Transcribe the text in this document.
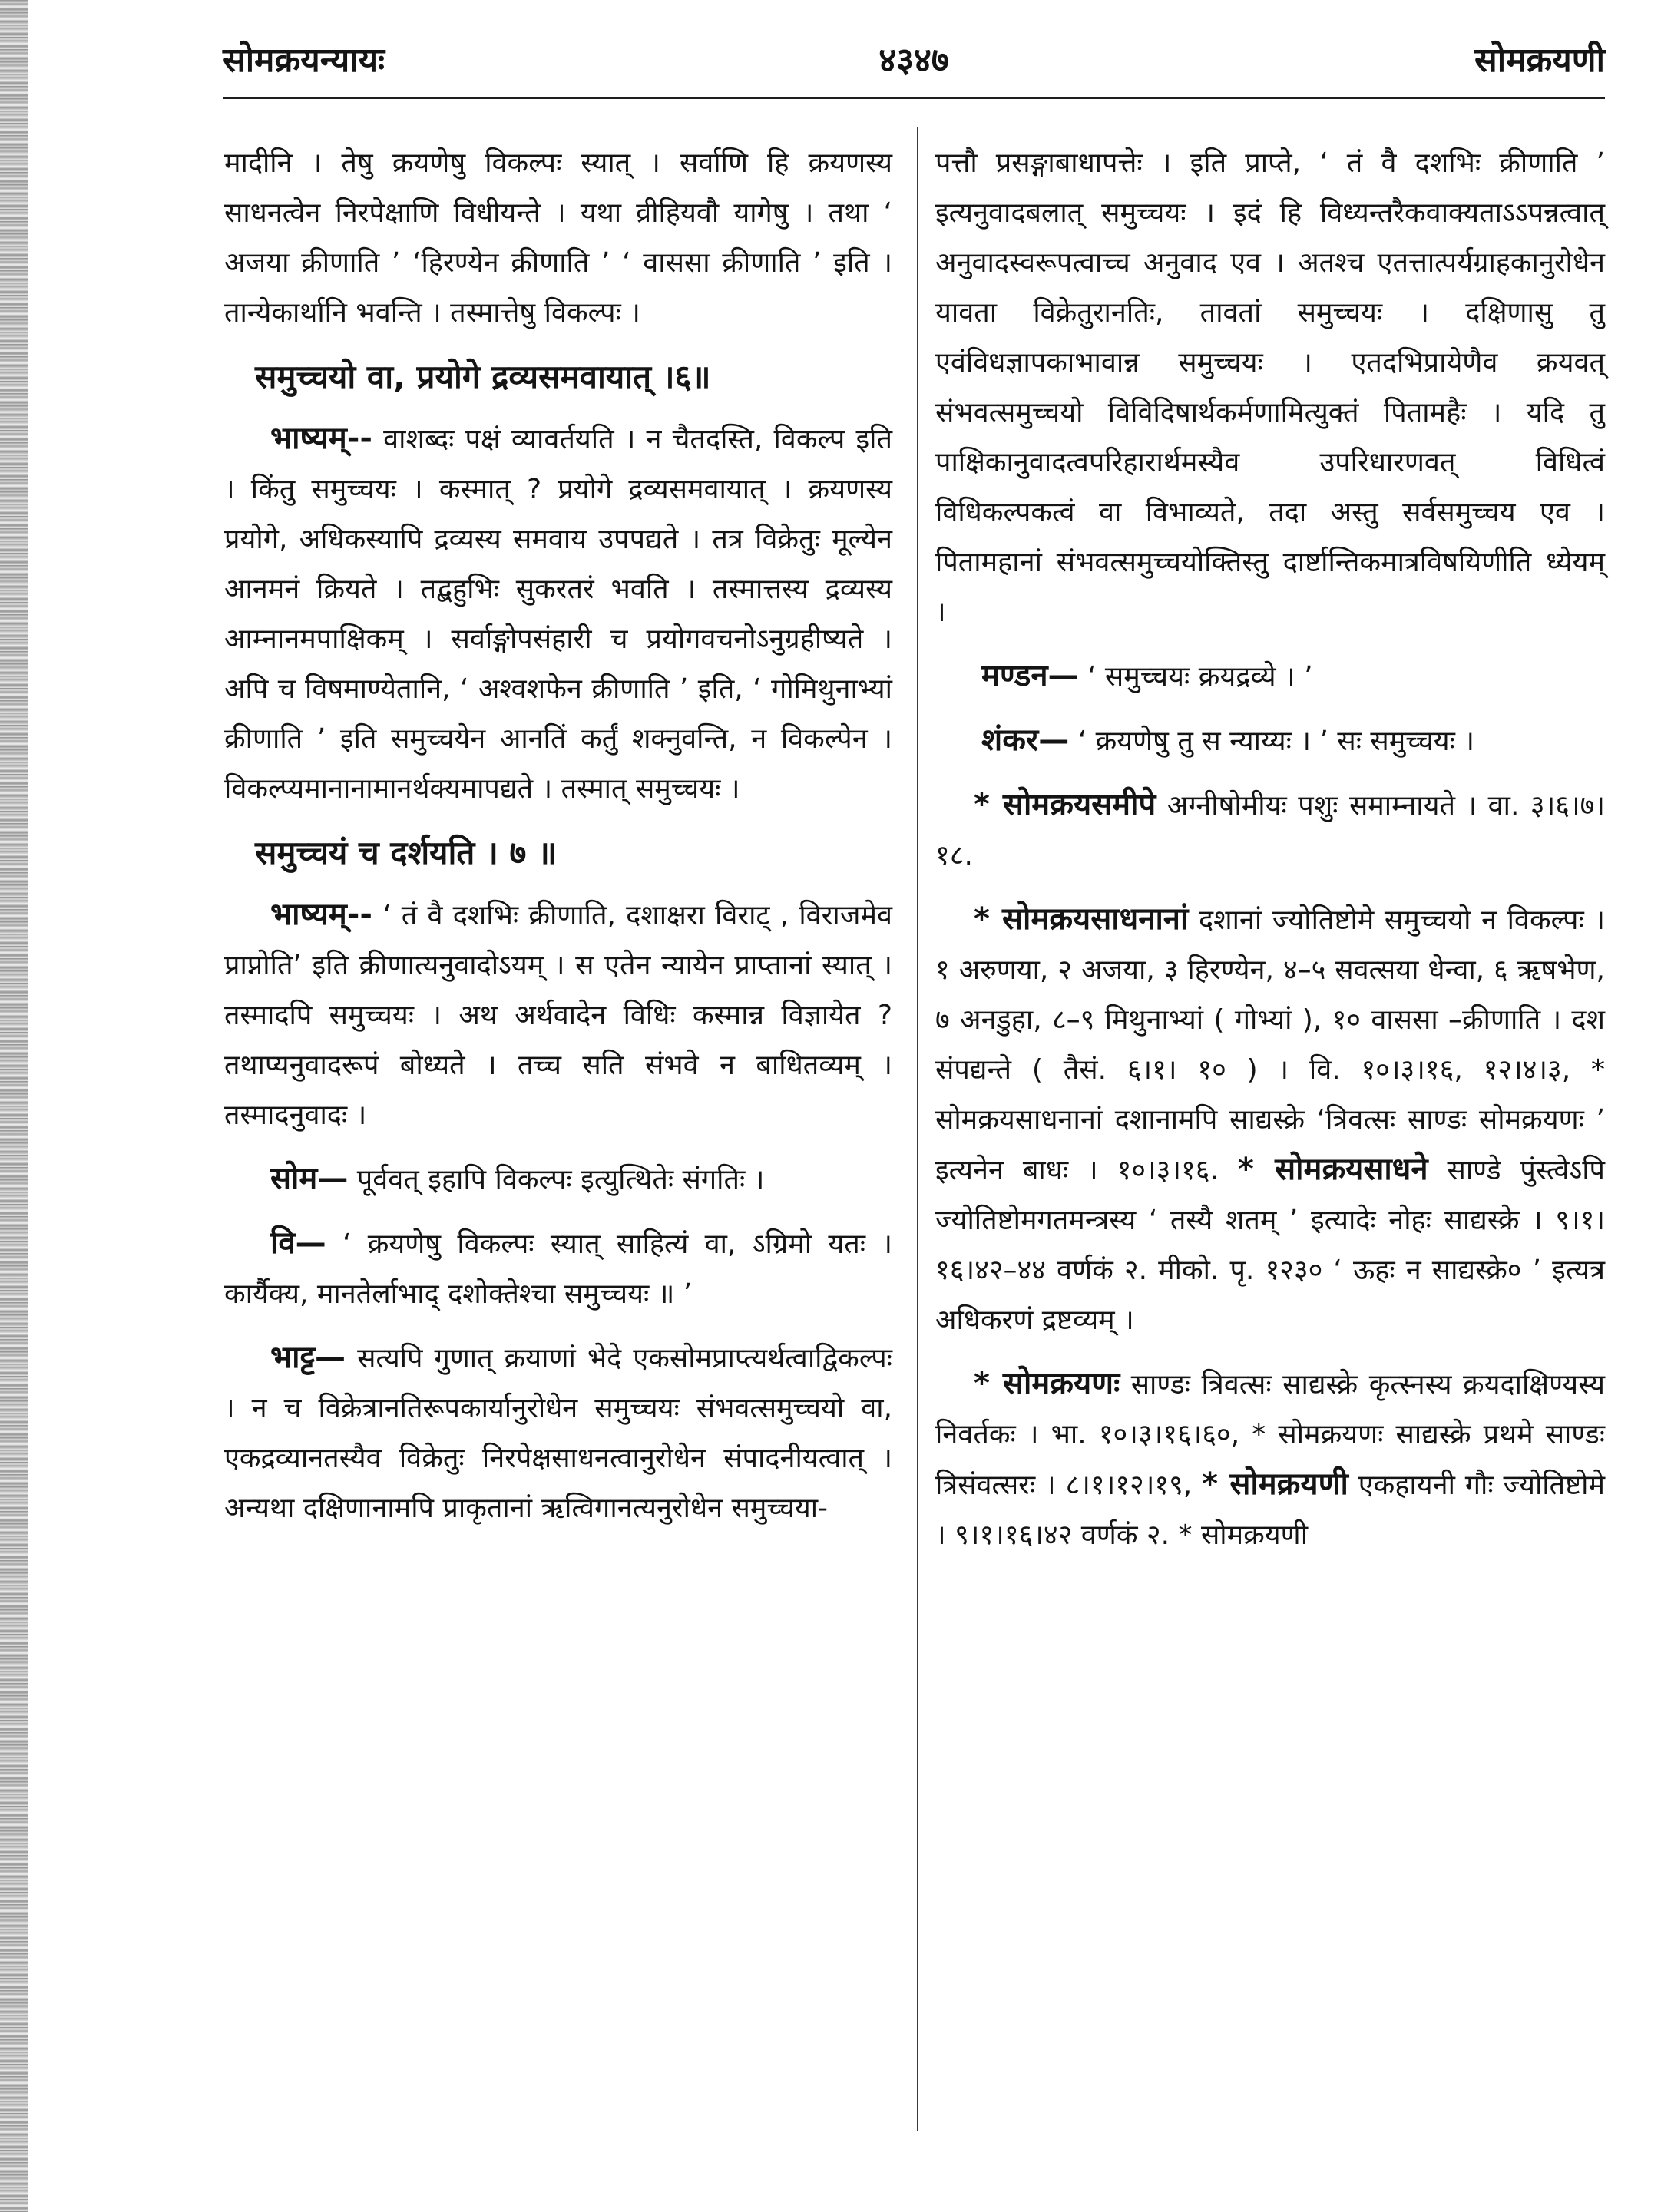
सोमक्रयन्यायः	४३४७	सोमक्रयणी

मादीनि । तेषु क्रयणेषु विकल्पः स्यात् । सर्वाणि हि क्रयणस्य साधनत्वेन निरपेक्षाणि विधीयन्ते । यथा व्रीहियवौ यागेषु । तथा ‘ अजया क्रीणाति ’ ‘हिरण्येन क्रीणाति ’ ‘ वाससा क्रीणाति ’ इति । तान्येकार्थानि भवन्ति । तस्मात्तेषु विकल्पः ।

समुच्चयो वा, प्रयोगे द्रव्यसमवायात् ।६॥

भाष्यम्-- वाशब्दः पक्षं व्यावर्तयति । न चैतदस्ति, विकल्प इति । किंतु समुच्चयः । कस्मात् ? प्रयोगे द्रव्यसमवायात् । क्रयणस्य प्रयोगे, अधिकस्यापि द्रव्यस्य समवाय उपपद्यते । तत्र विक्रेतुः मूल्येन आनमनं क्रियते । तद्बहुभिः सुकरतरं भवति । तस्मात्तस्य द्रव्यस्य आम्नानमपाक्षिकम् । सर्वाङ्गोपसंहारी च प्रयोगवचनोऽनुग्रहीष्यते । अपि च विषमाण्येतानि, ‘ अश्वशफेन क्रीणाति ’ इति, ‘ गोमिथुनाभ्यां क्रीणाति ’ इति समुच्चयेन आनतिं कर्तुं शक्नुवन्ति, न विकल्पेन । विकल्प्यमानानामानर्थक्यमापद्यते । तस्मात् समुच्चयः ।

समुच्चयं च दर्शयति । ७ ॥

भाष्यम्-- ‘ तं वै दशभिः क्रीणाति, दशाक्षरा विराट् , विराजमेव प्राप्नोति’ इति क्रीणात्यनुवादोऽयम् । स एतेन न्यायेन प्राप्तानां स्यात् । तस्मादपि समुच्चयः । अथ अर्थवादेन विधिः कस्मान्न विज्ञायेत ? तथाप्यनुवादरूपं बोध्यते । तच्च सति संभवे न बाधितव्यम् । तस्मादनुवादः ।

सोम— पूर्ववत् इहापि विकल्पः इत्युत्थितेः संगतिः ।

वि— ‘ क्रयणेषु विकल्पः स्यात् साहित्यं वा, ऽग्रिमो यतः । कार्यैक्य, मानतेर्लाभाद् दशोक्तेश्चा समुच्चयः ॥ ’

भाट्ट— सत्यपि गुणात् क्रयाणां भेदे एकसोमप्राप्त्यर्थत्वाद्विकल्पः । न च विक्रेत्रानतिरूपकार्यानुरोधेन समुच्चयः संभवत्समुच्चयो वा, एकद्रव्यानतस्यैव विक्रेतुः निरपेक्षसाधनत्वानुरोधेन संपादनीयत्वात् । अन्यथा दक्षिणानामपि प्राकृतानां ऋत्विगानत्यनुरोधेन समुच्चया-

पत्तौ प्रसङ्गाबाधापत्तेः । इति प्राप्ते, ‘ तं वै दशभिः क्रीणाति ’ इत्यनुवादबलात् समुच्चयः । इदं हि विध्यन्तरैकवाक्यताऽऽपन्नत्वात् अनुवादस्वरूपत्वाच्च अनुवाद एव । अतश्च एतत्तात्पर्यग्राहकानुरोधेन यावता विक्रेतुरानतिः, तावतां समुच्चयः । दक्षिणासु तु एवंविधज्ञापकाभावान्न समुच्चयः । एतदभिप्रायेणैव क्रयवत् संभवत्समुच्चयो विविदिषार्थकर्मणामित्युक्तं पितामहैः । यदि तु पाक्षिकानुवादत्वपरिहारार्थमस्यैव उपरिधारणवत् विधित्वं विधिकल्पकत्वं वा विभाव्यते, तदा अस्तु सर्वसमुच्चय एव । पितामहानां संभवत्समुच्चयोक्तिस्तु दार्ष्टान्तिकमात्रविषयिणीति ध्येयम् ।

मण्डन— ‘ समुच्चयः क्रयद्रव्ये । ’

शंकर— ‘ क्रयणेषु तु स न्याय्यः । ’ सः समुच्चयः ।

* सोमक्रयसमीपे अग्नीषोमीयः पशुः समाम्नायते । वा. ३।६।७।१८.

* सोमक्रयसाधनानां दशानां ज्योतिष्टोमे समुच्चयो न विकल्पः । १ अरुणया, २ अजया, ३ हिरण्येन, ४–५ सवत्सया धेन्वा, ६ ऋषभेण, ७ अनडुहा, ८–९ मिथुनाभ्यां ( गोभ्यां ), १० वाससा –क्रीणाति । दश संपद्यन्ते ( तैसं. ६।१। १० ) । वि. १०।३।१६, १२।४।३, * सोमक्रयसाधनानां दशानामपि साद्यस्क्रे ‘त्रिवत्सः साण्डः सोमक्रयणः ’ इत्यनेन बाधः । १०।३।१६. * सोमक्रयसाधने साण्डे पुंस्त्वेऽपि ज्योतिष्टोमगतमन्त्रस्य ‘ तस्यै शतम् ’ इत्यादेः नोहः साद्यस्क्रे । ९।१।१६।४२–४४ वर्णकं २. मीको. पृ. १२३० ‘ ऊहः न साद्यस्क्रे० ’ इत्यत्र अधिकरणं द्रष्टव्यम् ।

* सोमक्रयणः साण्डः त्रिवत्सः साद्यस्क्रे कृत्स्नस्य क्रयदाक्षिण्यस्य निवर्तकः । भा. १०।३।१६।६०, * सोमक्रयणः साद्यस्क्रे प्रथमे साण्डः त्रिसंवत्सरः । ८।१।१२।१९, * सोमक्रयणी एकहायनी गौः ज्योतिष्टोमे । ९।१।१६।४२ वर्णकं २. * सोमक्रयणी
